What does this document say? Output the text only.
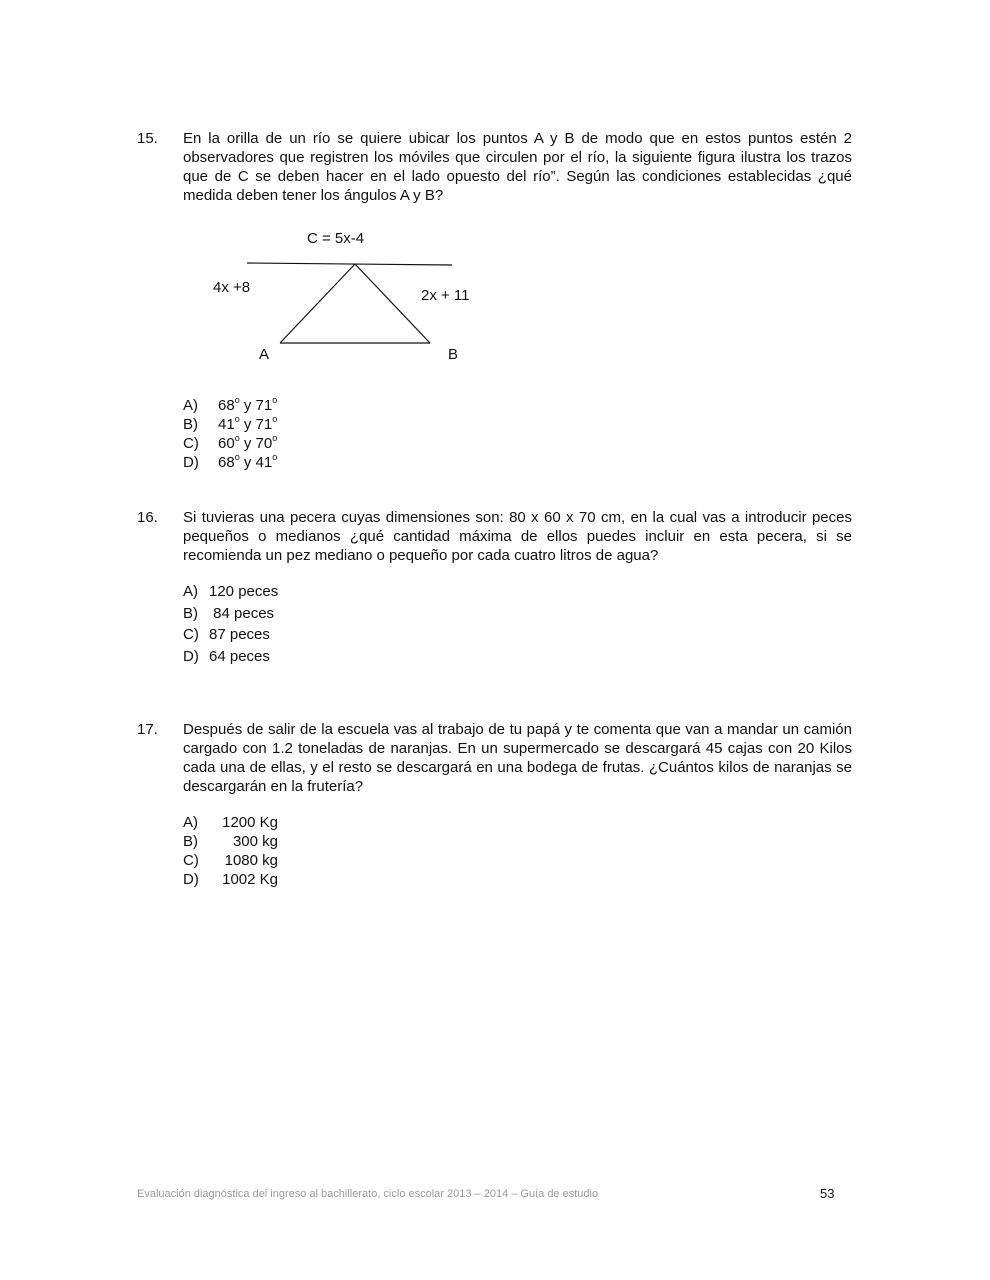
15. En la orilla de un río se quiere ubicar los puntos A y B de modo que en estos puntos estén 2 observadores que registren los móviles que circulen por el río, la siguiente figura ilustra los trazos que de C se deben hacer en el lado opuesto del río”. Según las condiciones establecidas ¿qué medida deben tener los ángulos A y B?
A)	68$^o$ y 71$^o$
B)	41$^o$ y 71$^o$
C)	60$^o$ y 70$^o$
D)	68$^o$ y 41$^o$
C = 5x-4
4x +8	2x + 11
A	B
16. Si tuvieras una pecera cuyas dimensiones son: 80 x 60 x 70 cm, en la cual vas a introducir peces pequeños o medianos ¿qué cantidad máxima de ellos puedes incluir en esta pecera, si se recomienda un pez mediano o pequeño por cada cuatro litros de agua?
A) 120 peces
B) 84 peces
C) 87 peces
D) 64 peces
17. Después de salir de la escuela vas al trabajo de tu papá y te comenta que van a mandar un camión cargado con 1.2 toneladas de naranjas. En un supermercado se descargará 45 cajas con 20 Kilos cada una de ellas, y el resto se descargará en una bodega de frutas. ¿Cuántos kilos de naranjas se descargarán en la frutería?
A)	1200 Kg
B)	300 kg
C)	1080 kg
D)	1002 Kg
Evaluación diagnóstica del ingreso al bachillerato, ciclo escolar 2013 – 2014 – Guía de estudio	53
